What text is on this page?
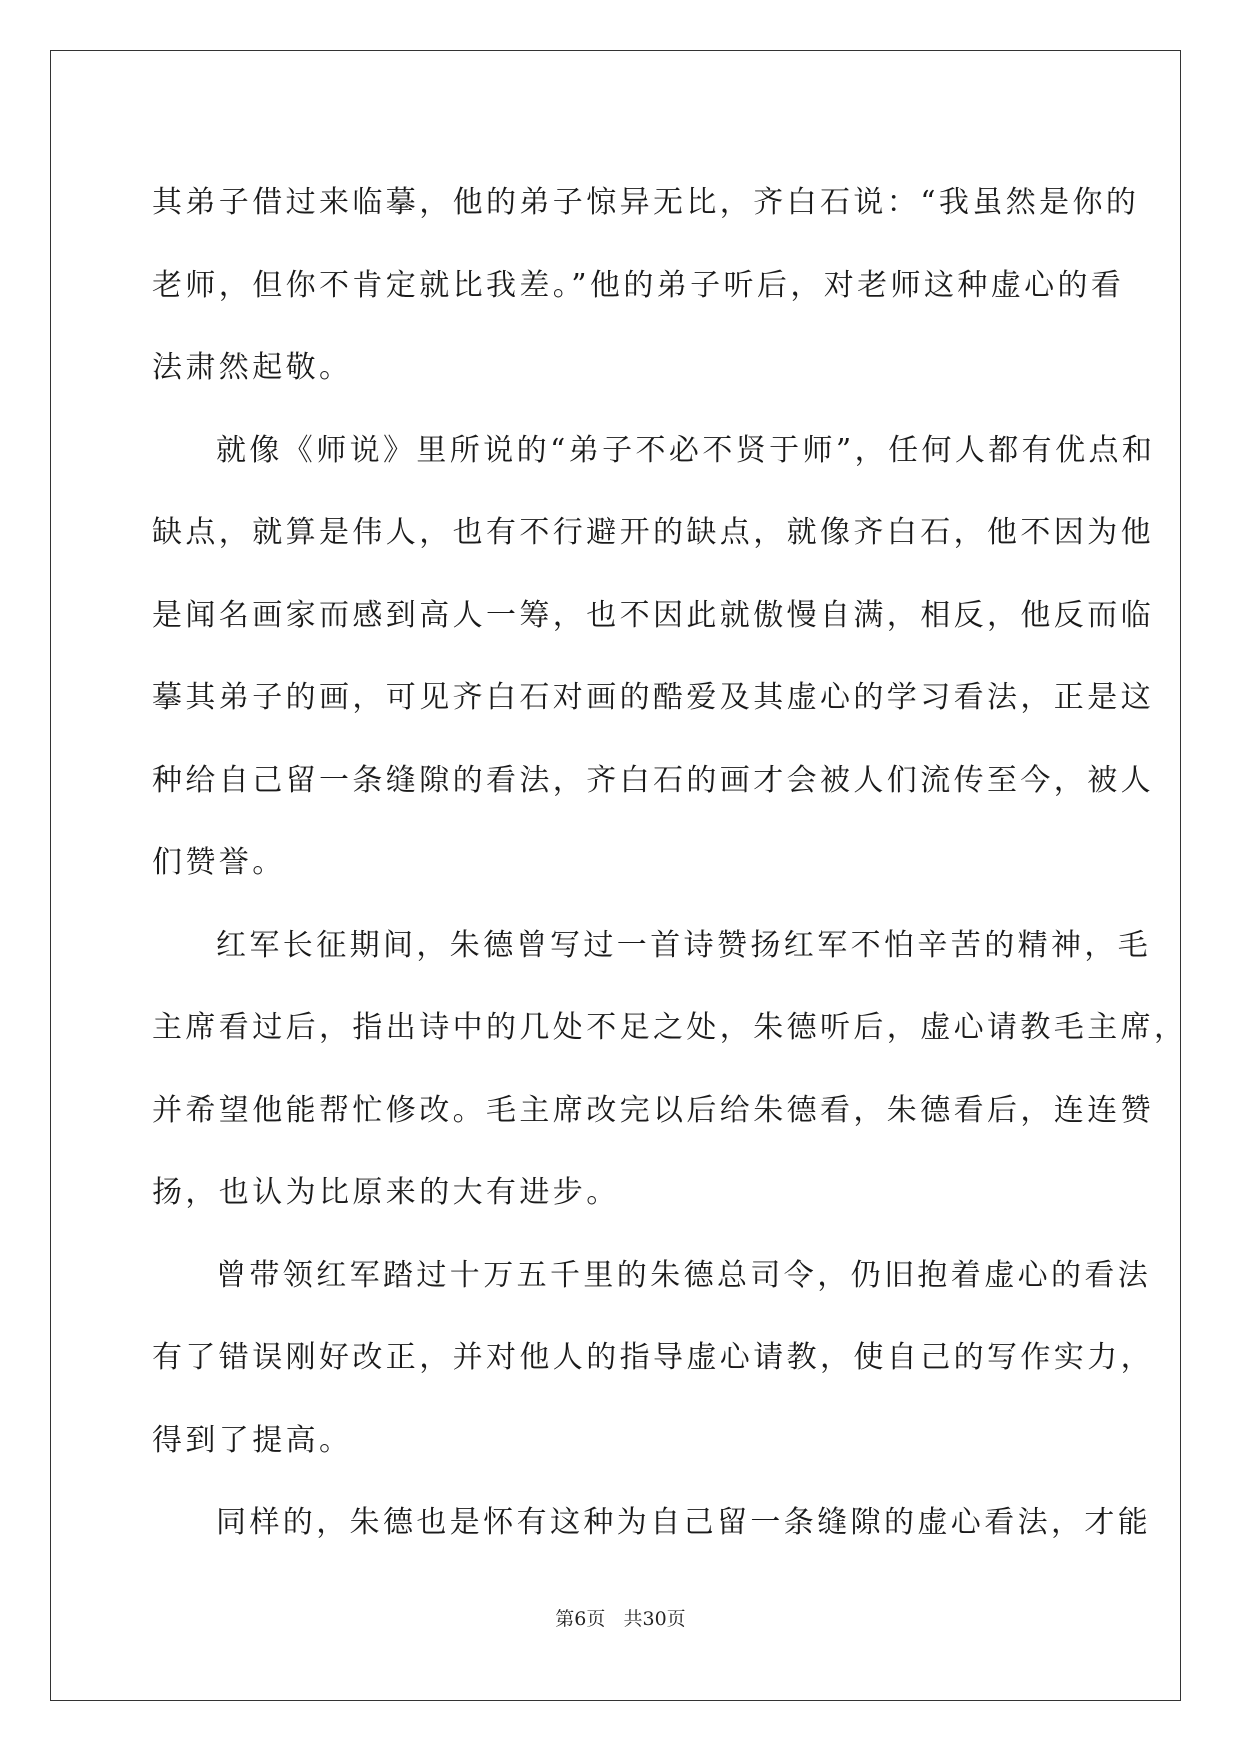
其弟子借过来临摹，他的弟子惊异无比，齐白石说：“我虽然是你的
老师，但你不肯定就比我差。”他的弟子听后，对老师这种虚心的看
法肃然起敬。

就像《师说》里所说的“弟子不必不贤于师”，任何人都有优点和
缺点，就算是伟人，也有不行避开的缺点，就像齐白石，他不因为他
是闻名画家而感到高人一筹，也不因此就傲慢自满，相反，他反而临
摹其弟子的画，可见齐白石对画的酷爱及其虚心的学习看法，正是这
种给自己留一条缝隙的看法，齐白石的画才会被人们流传至今，被人
们赞誉。

红军长征期间，朱德曾写过一首诗赞扬红军不怕辛苦的精神，毛
主席看过后，指出诗中的几处不足之处，朱德听后，虚心请教毛主席，
并希望他能帮忙修改。毛主席改完以后给朱德看，朱德看后，连连赞
扬，也认为比原来的大有进步。

曾带领红军踏过十万五千里的朱德总司令，仍旧抱着虚心的看法
有了错误刚好改正，并对他人的指导虚心请教，使自己的写作实力，
得到了提高。

同样的，朱德也是怀有这种为自己留一条缝隙的虚心看法，才能

第6页   共30页
